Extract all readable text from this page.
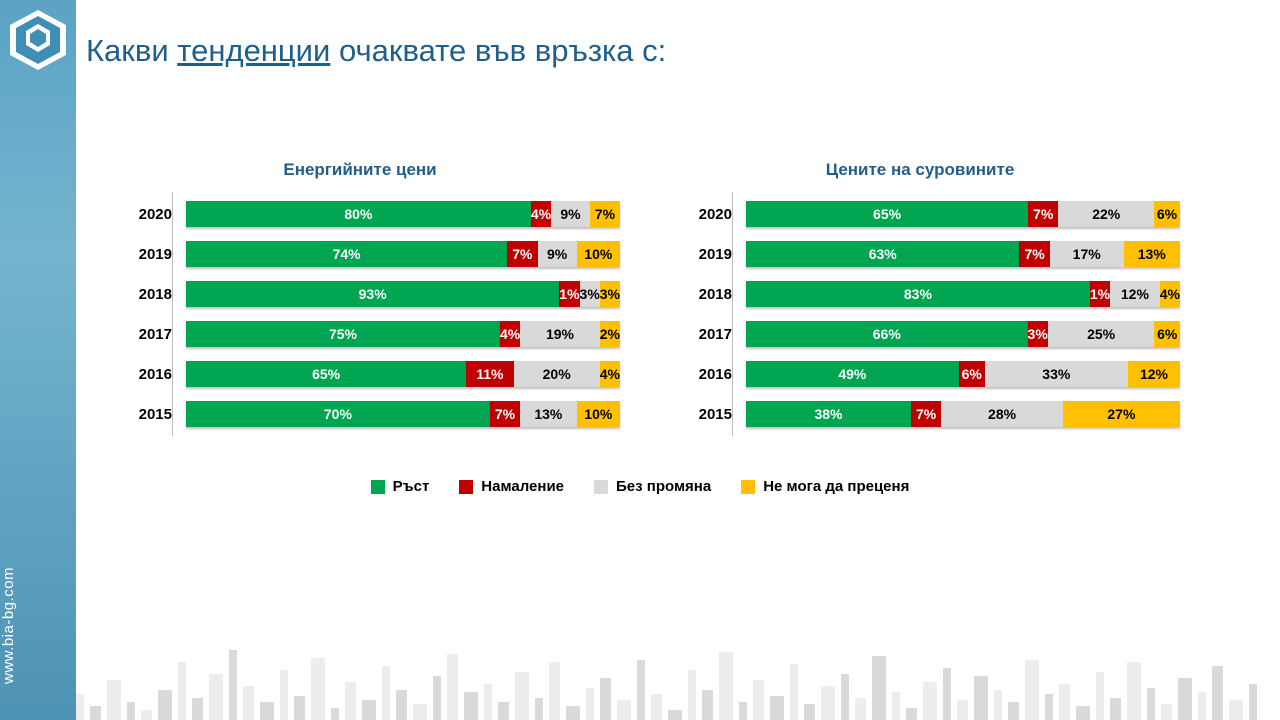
www.bia-bg.com
Какви тенденции очаквате във връзка с:
Енергийните цени
2020	80%	4% 9% 7%
2019	74%	7% 9% 10%
2018	93%	1% 3% 3%
2017	75%	4% 19% 2%
2016	65%	11%	20% 4%
2015	70%	7% 13% 10%
Цените на суровините
2020	65%	7%	22%	6%
2019	63%	7% 17%	13%
2018	83%	1% 12% 4%
2017	66%	3%	25%	6%
2016	49%	6%	33%	12%
2015	38%	7%	28%	27%
Ръст	Намаление	Без промяна	Не мога да преценя
